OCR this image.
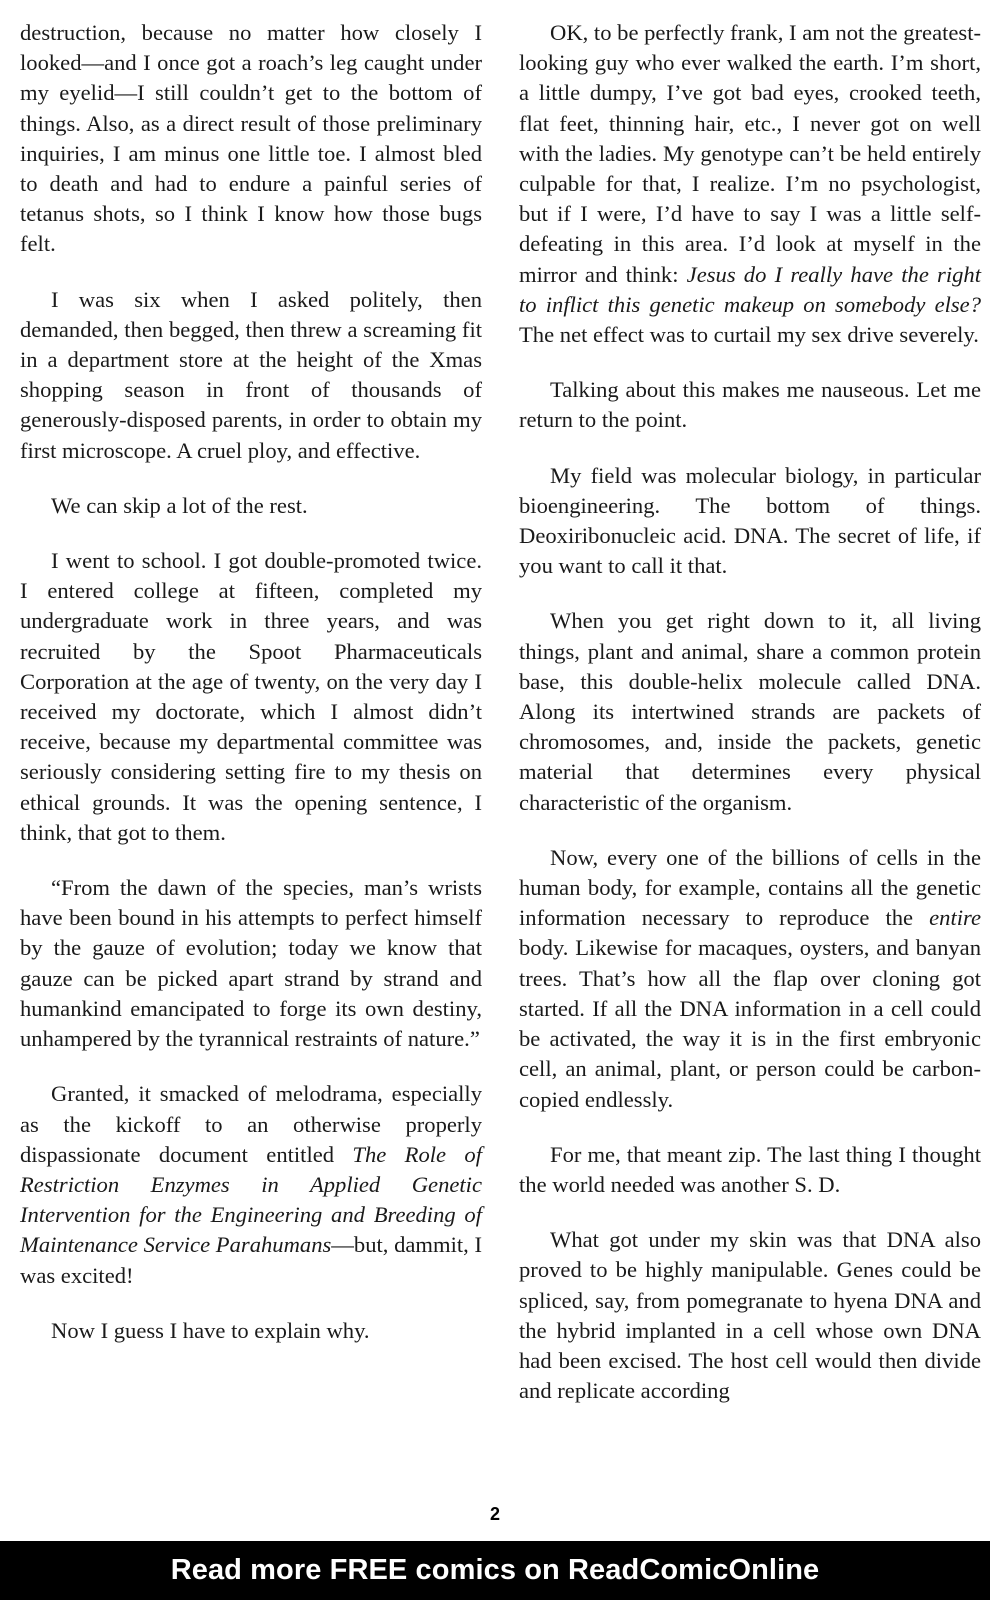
destruction, because no matter how closely I looked—and I once got a roach’s leg caught under my eyelid—I still couldn’t get to the bottom of things. Also, as a direct result of those preliminary inquiries, I am minus one little toe. I almost bled to death and had to endure a painful series of tetanus shots, so I think I know how those bugs felt.

I was six when I asked politely, then demanded, then begged, then threw a screaming fit in a department store at the height of the Xmas shopping season in front of thousands of generously-disposed parents, in order to obtain my first microscope. A cruel ploy, and effective.

We can skip a lot of the rest.

I went to school. I got double-promoted twice. I entered college at fifteen, completed my undergraduate work in three years, and was recruited by the Spoot Pharmaceuticals Corporation at the age of twenty, on the very day I received my doctorate, which I almost didn’t receive, because my departmental committee was seriously considering setting fire to my thesis on ethical grounds. It was the opening sentence, I think, that got to them.

“From the dawn of the species, man’s wrists have been bound in his attempts to perfect himself by the gauze of evolution; today we know that gauze can be picked apart strand by strand and humankind emancipated to forge its own destiny, unhampered by the tyrannical restraints of nature.”

Granted, it smacked of melodrama, especially as the kickoff to an otherwise properly dispassionate document entitled The Role of Restriction Enzymes in Applied Genetic Intervention for the Engineering and Breeding of Maintenance Service Parahumans—but, dammit, I was excited!

Now I guess I have to explain why.

OK, to be perfectly frank, I am not the greatest-looking guy who ever walked the earth. I’m short, a little dumpy, I’ve got bad eyes, crooked teeth, flat feet, thinning hair, etc., I never got on well with the ladies. My genotype can’t be held entirely culpable for that, I realize. I’m no psychologist, but if I were, I’d have to say I was a little self-defeating in this area. I’d look at myself in the mirror and think: Jesus do I really have the right to inflict this genetic makeup on somebody else? The net effect was to curtail my sex drive severely.

Talking about this makes me nauseous. Let me return to the point.

My field was molecular biology, in particular bioengineering. The bottom of things. Deoxiribonucleic acid. DNA. The secret of life, if you want to call it that.

When you get right down to it, all living things, plant and animal, share a common protein base, this double-helix molecule called DNA. Along its intertwined strands are packets of chromosomes, and, inside the packets, genetic material that determines every physical characteristic of the organism.

Now, every one of the billions of cells in the human body, for example, contains all the genetic information necessary to reproduce the entire body. Likewise for macaques, oysters, and banyan trees. That’s how all the flap over cloning got started. If all the DNA information in a cell could be activated, the way it is in the first embryonic cell, an animal, plant, or person could be carbon-copied endlessly.

For me, that meant zip. The last thing I thought the world needed was another S. D.

What got under my skin was that DNA also proved to be highly manipulable. Genes could be spliced, say, from pomegranate to hyena DNA and the hybrid implanted in a cell whose own DNA had been excised. The host cell would then divide and replicate according

2
Read more FREE comics on ReadComicOnline
